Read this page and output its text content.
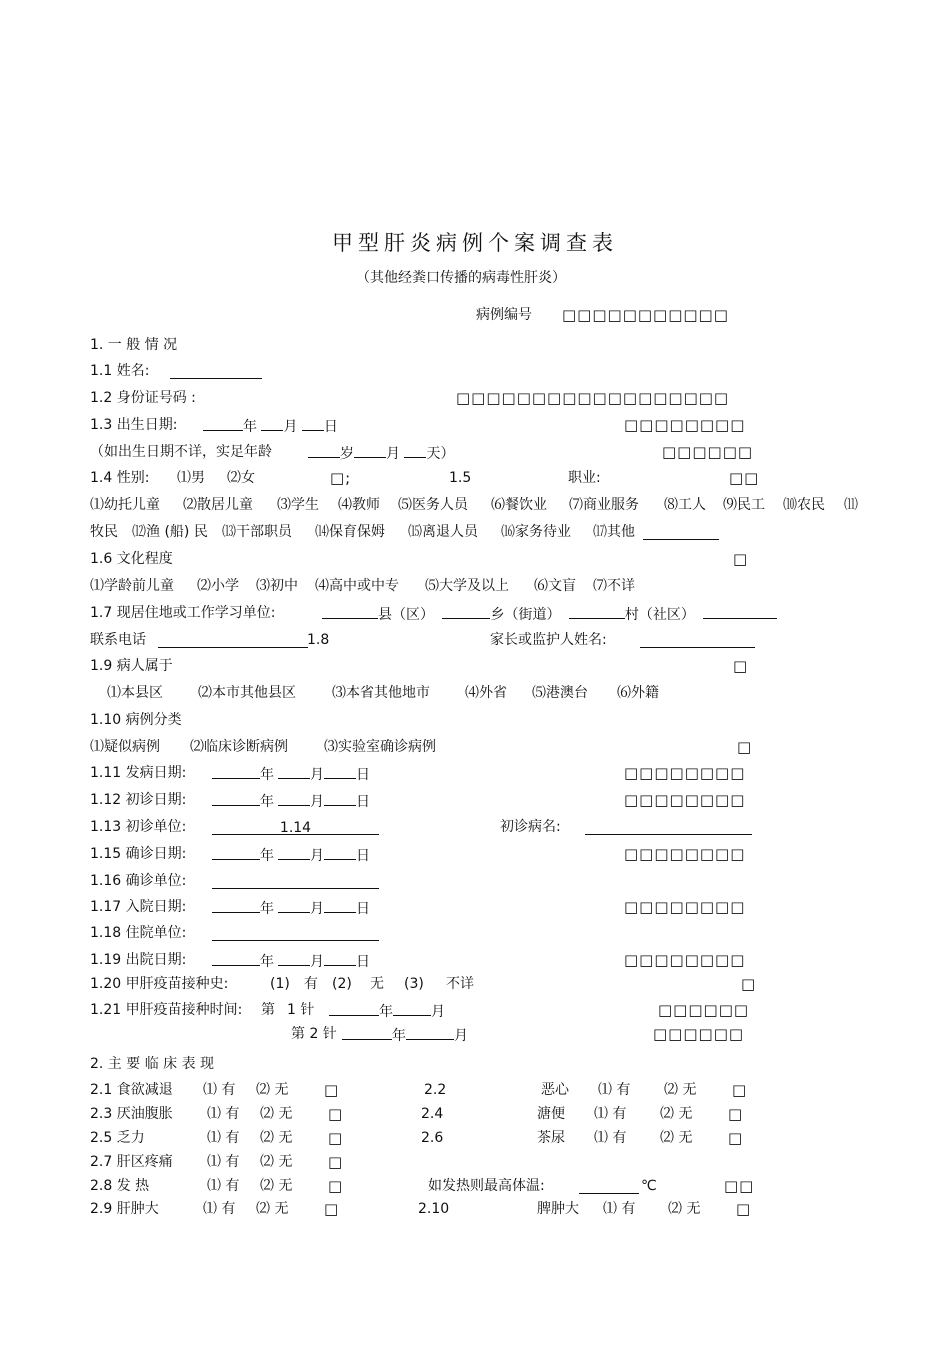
甲型肝炎病例个案调查表
（其他经粪口传播的病毒性肝炎）
病例编号 □□□□□□□□□□□
1. 一 般 情 况
1.1 姓名:
1.2 身份证号码 :	□□□□□□□□□□□□□□□□□□
1.3 出生日期:	年 月 日	□□□□□□□□
（如出生日期不详，实足年龄	岁 月 天）	□□□□□□
1.4 性别: ⑴男 ⑵女	□;	1.5	职业:	□□
⑴幼托儿童 ⑵散居儿童 ⑶学生 ⑷教师 ⑸医务人员 ⑹餐饮业 ⑺商业服务 ⑻工人 ⑼民工 ⑽农民 ⑾
牧民 ⑿渔 (船) 民 ⒀干部职员 ⒁保育保姆 ⒂离退人员 ⒃家务待业 ⒄其他
1.6 文化程度	□
⑴学龄前儿童 ⑵小学 ⑶初中 ⑷高中或中专 ⑸大学及以上 ⑹文盲 ⑺不详
1.7 现居住地或工作学习单位:	县（区）	乡（街道）	村（社区）
联系电话	1.8	家长或监护人姓名:
1.9 病人属于	□
⑴本县区	⑵本市其他县区	⑶本省其他地市	⑷外省 ⑸港澳台 ⑹外籍
1.10 病例分类
⑴疑似病例 ⑵临床诊断病例	⑶实验室确诊病例	□
1.11 发病日期:	年	月 日	□□□□□□□□
1.12 初诊日期:	年	月 日	□□□□□□□□
1.13 初诊单位:	1.14	初诊病名:
1.15 确诊日期:	年	月 日	□□□□□□□□
1.16 确诊单位:
1.17 入院日期:	年	月 日	□□□□□□□□
1.18 住院单位:
1.19 出院日期:	年	月 日	□□□□□□□□
1.20 甲肝疫苗接种史:	(1) 有 (2) 无 (3) 不详	□
1.21 甲肝疫苗接种时间: 第 1 针	年	月	□□□□□□
第 2 针	年	月	□□□□□□
2. 主 要 临 床 表 现
2.1 食欲减退 ⑴ 有 ⑵ 无 □	2.2	恶心 ⑴ 有 ⑵ 无 □
2.3 厌油腹胀 ⑴ 有 ⑵ 无 □	2.4	溏便 ⑴ 有 ⑵ 无 □
2.5 乏力	⑴ 有 ⑵ 无 □	2.6	茶尿 ⑴ 有 ⑵ 无 □
2.7 肝区疼痛 ⑴ 有 ⑵ 无 □
2.8 发 热	⑴ 有 ⑵ 无 □	如发热则最高体温:	℃	□□
2.9 肝肿大	⑴ 有 ⑵ 无 □	2.10	脾肿大 ⑴ 有 ⑵ 无 □
